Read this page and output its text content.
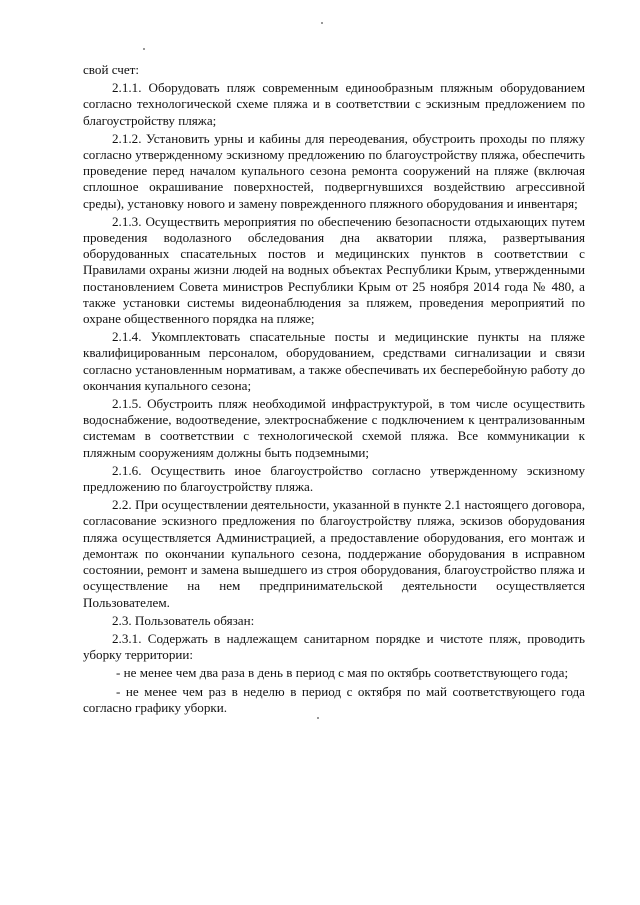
свой счет:

2.1.1. Оборудовать пляж современным единообразным пляжным оборудованием согласно технологической схеме пляжа и в соответствии с эскизным предложением по благоустройству пляжа;

2.1.2. Установить урны и кабины для переодевания, обустроить проходы по пляжу согласно утвержденному эскизному предложению по благоустройству пляжа, обеспечить проведение перед началом купального сезона ремонта сооружений на пляже (включая сплошное окрашивание поверхностей, подвергнувшихся воздействию агрессивной среды), установку нового и замену поврежденного пляжного оборудования и инвентаря;

2.1.3. Осуществить мероприятия по обеспечению безопасности отдыхающих путем проведения водолазного обследования дна акватории пляжа, развертывания оборудованных спасательных постов и медицинских пунктов в соответствии с Правилами охраны жизни людей на водных объектах Республики Крым, утвержденными постановлением Совета министров Республики Крым от 25 ноября 2014 года № 480, а также установки системы видеонаблюдения за пляжем, проведения мероприятий по охране общественного порядка на пляже;

2.1.4. Укомплектовать спасательные посты и медицинские пункты на пляже квалифицированным персоналом, оборудованием, средствами сигнализации и связи согласно установленным нормативам, а также обеспечивать их бесперебойную работу до окончания купального сезона;

2.1.5. Обустроить пляж необходимой инфраструктурой, в том числе осуществить водоснабжение, водоотведение, электроснабжение с подключением к централизованным системам в соответствии с технологической схемой пляжа. Все коммуникации к пляжным сооружениям должны быть подземными;

2.1.6. Осуществить иное благоустройство согласно утвержденному эскизному предложению по благоустройству пляжа.

2.2. При осуществлении деятельности, указанной в пункте 2.1 настоящего договора, согласование эскизного предложения по благоустройству пляжа, эскизов оборудования пляжа осуществляется Администрацией, а предоставление оборудования, его монтаж и демонтаж по окончании купального сезона, поддержание оборудования в исправном состоянии, ремонт и замена вышедшего из строя оборудования, благоустройство пляжа и осуществление на нем предпринимательской деятельности осуществляется Пользователем.

2.3. Пользователь обязан:

2.3.1. Содержать в надлежащем санитарном порядке и чистоте пляж, проводить уборку территории:

- не менее чем два раза в день в период с мая по октябрь соответствующего года;

- не менее чем раз в неделю в период с октября по май соответствующего года согласно графику уборки.
